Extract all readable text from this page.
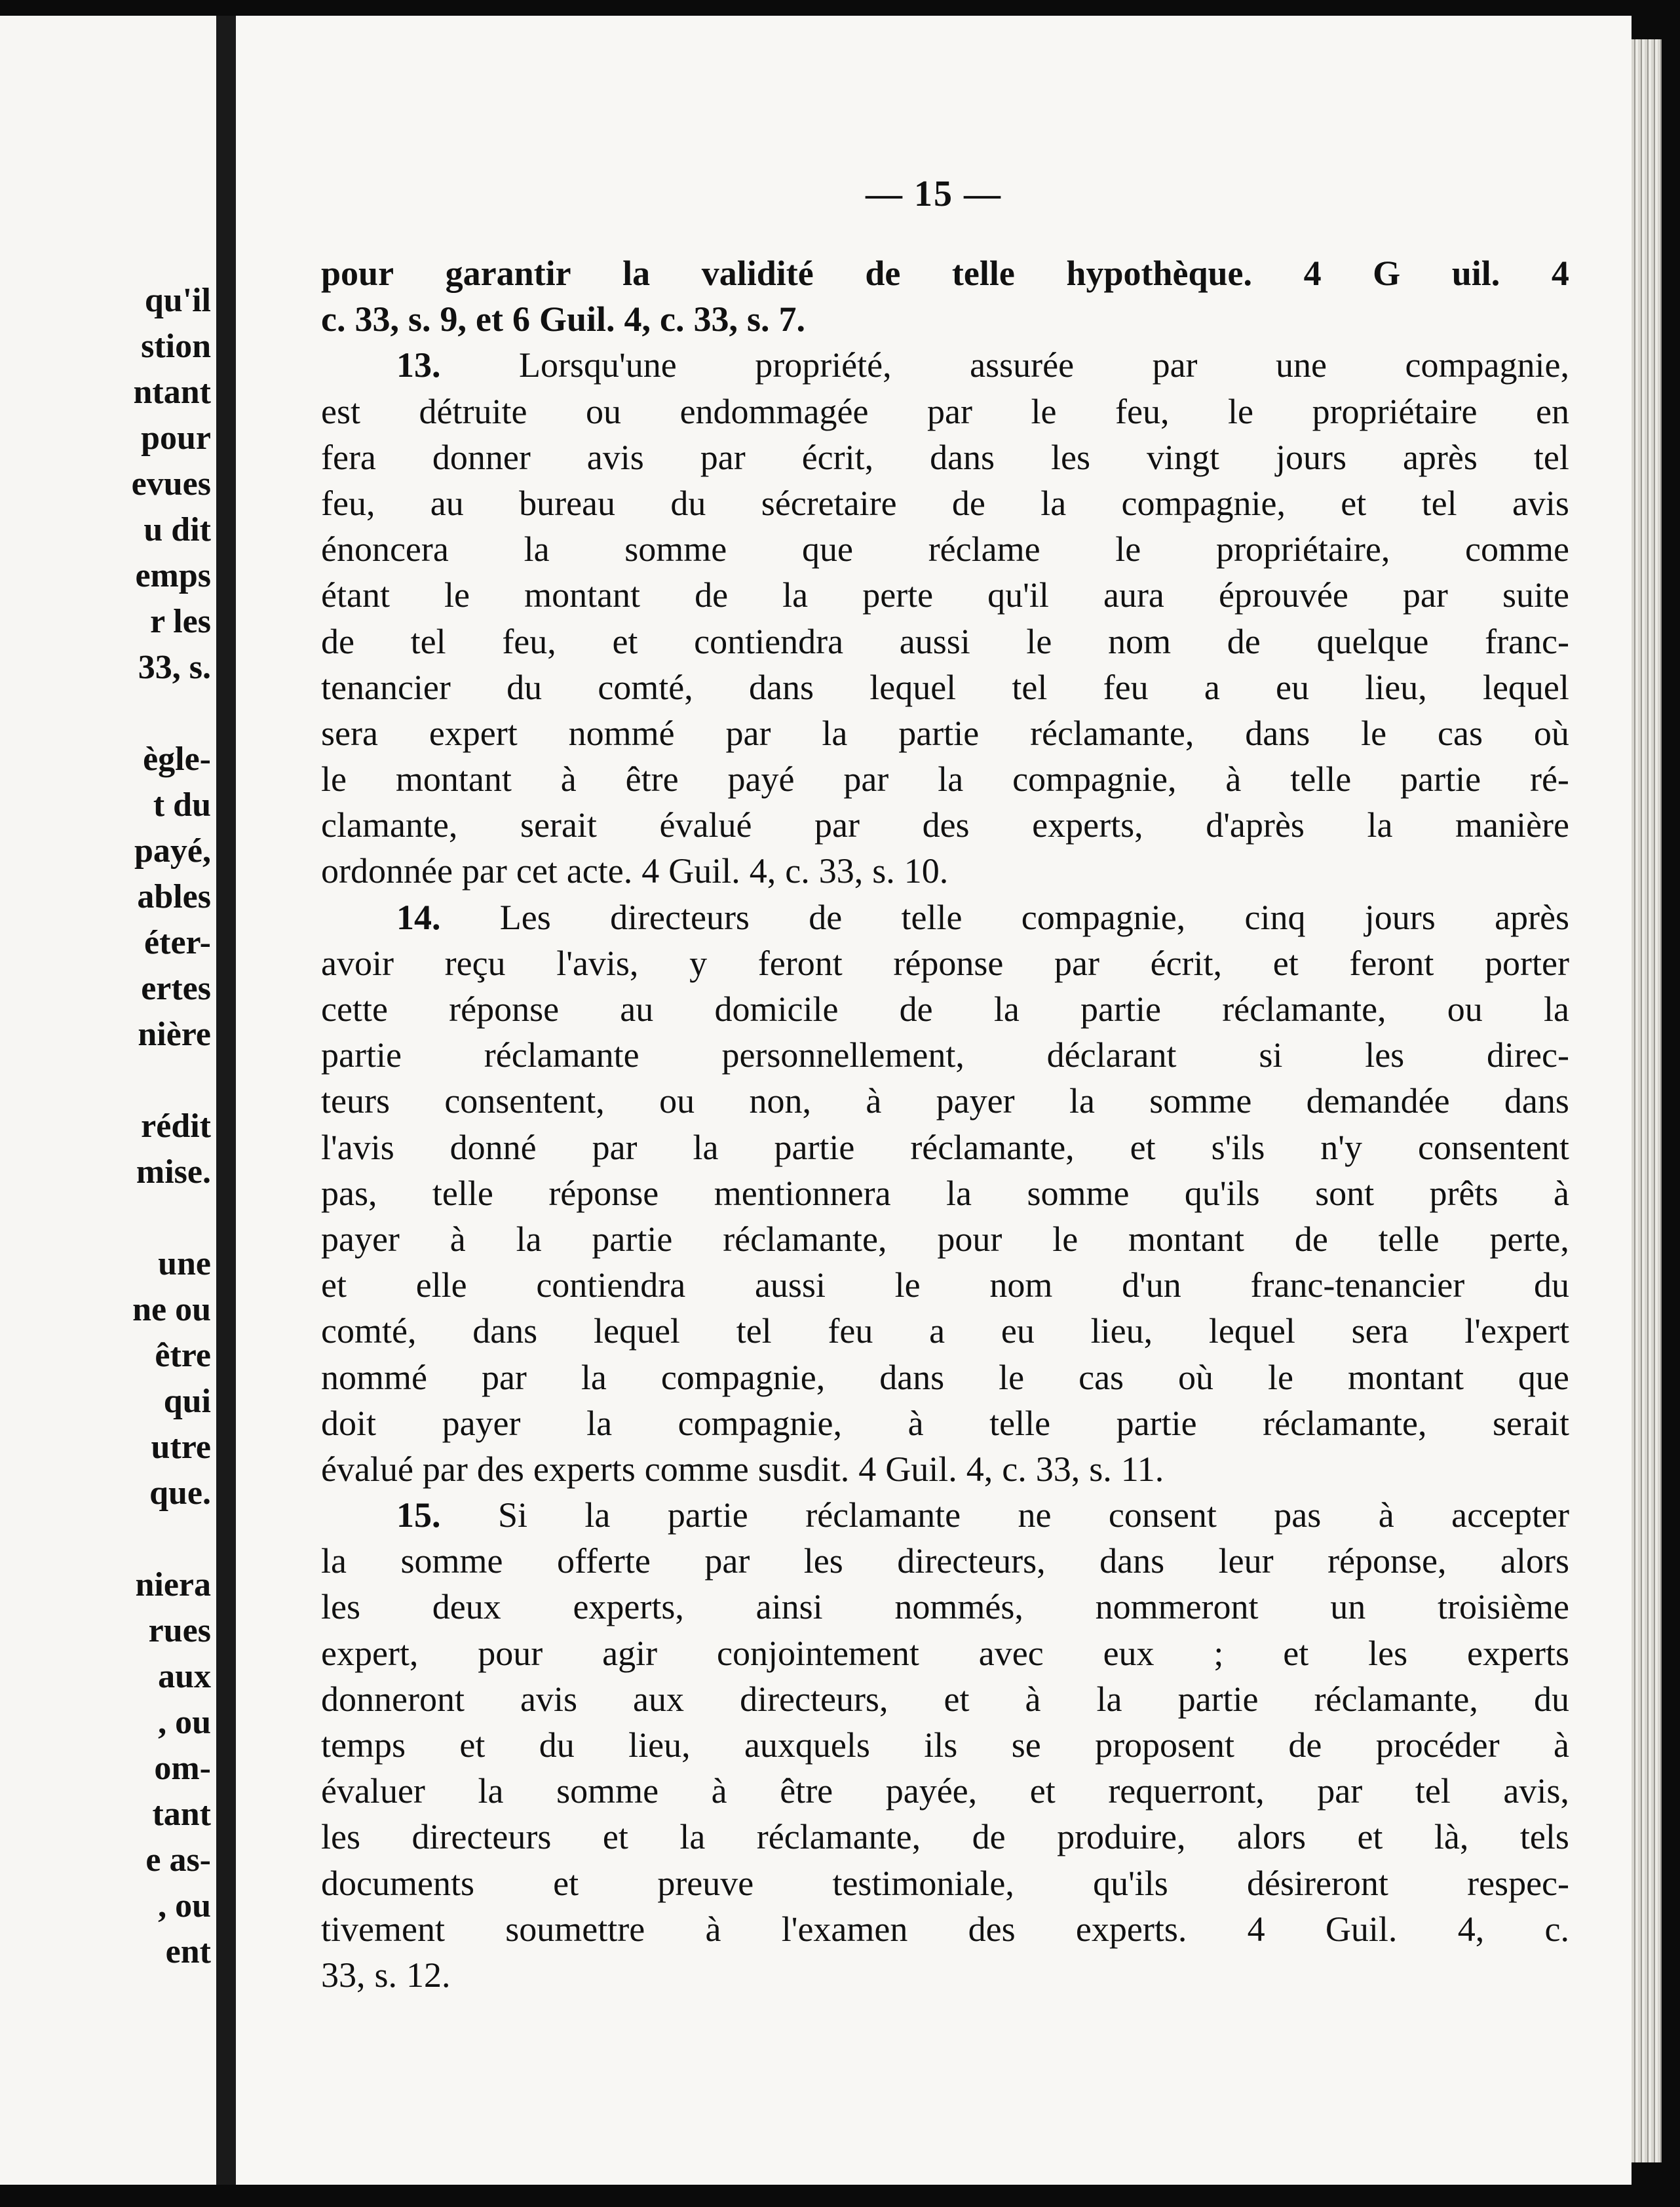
qu'il
stion
ntant
pour
evues
u dit
emps
r les
33, s.
ègle-
t du
payé,
ables
éter-
ertes
nière
rédit
mise.
une
ne ou
être
qui
utre
que.
niera
rues
aux
, ou
om-
tant
e as-
, ou
ent
— 15 —
pour garantir la validité de telle hypothèque. 4 G uil. 4
c. 33, s. 9, et 6 Guil. 4, c. 33, s. 7.
13. Lorsqu'une propriété, assurée par une compagnie,
est détruite ou endommagée par le feu, le propriétaire en
fera donner avis par écrit, dans les vingt jours après tel
feu, au bureau du sécretaire de la compagnie, et tel avis
énoncera la somme que réclame le propriétaire, comme
étant le montant de la perte qu'il aura éprouvée par suite
de tel feu, et contiendra aussi le nom de quelque franc-
tenancier du comté, dans lequel tel feu a eu lieu, lequel
sera expert nommé par la partie réclamante, dans le cas où
le montant à être payé par la compagnie, à telle partie ré-
clamante, serait évalué par des experts, d'après la manière
ordonnée par cet acte. 4 Guil. 4, c. 33, s. 10.
14. Les directeurs de telle compagnie, cinq jours après
avoir reçu l'avis, y feront réponse par écrit, et feront porter
cette réponse au domicile de la partie réclamante, ou la
partie réclamante personnellement, déclarant si les direc-
teurs consentent, ou non, à payer la somme demandée dans
l'avis donné par la partie réclamante, et s'ils n'y consentent
pas, telle réponse mentionnera la somme qu'ils sont prêts à
payer à la partie réclamante, pour le montant de telle perte,
et elle contiendra aussi le nom d'un franc-tenancier du
comté, dans lequel tel feu a eu lieu, lequel sera l'expert
nommé par la compagnie, dans le cas où le montant que
doit payer la compagnie, à telle partie réclamante, serait
évalué par des experts comme susdit. 4 Guil. 4, c. 33, s. 11.
15. Si la partie réclamante ne consent pas à accepter
la somme offerte par les directeurs, dans leur réponse, alors
les deux experts, ainsi nommés, nommeront un troisième
expert, pour agir conjointement avec eux ; et les experts
donneront avis aux directeurs, et à la partie réclamante, du
temps et du lieu, auxquels ils se proposent de procéder à
évaluer la somme à être payée, et requerront, par tel avis,
les directeurs et la réclamante, de produire, alors et là, tels
documents et preuve testimoniale, qu'ils désireront respec-
tivement soumettre à l'examen des experts. 4 Guil. 4, c.
33, s. 12.
